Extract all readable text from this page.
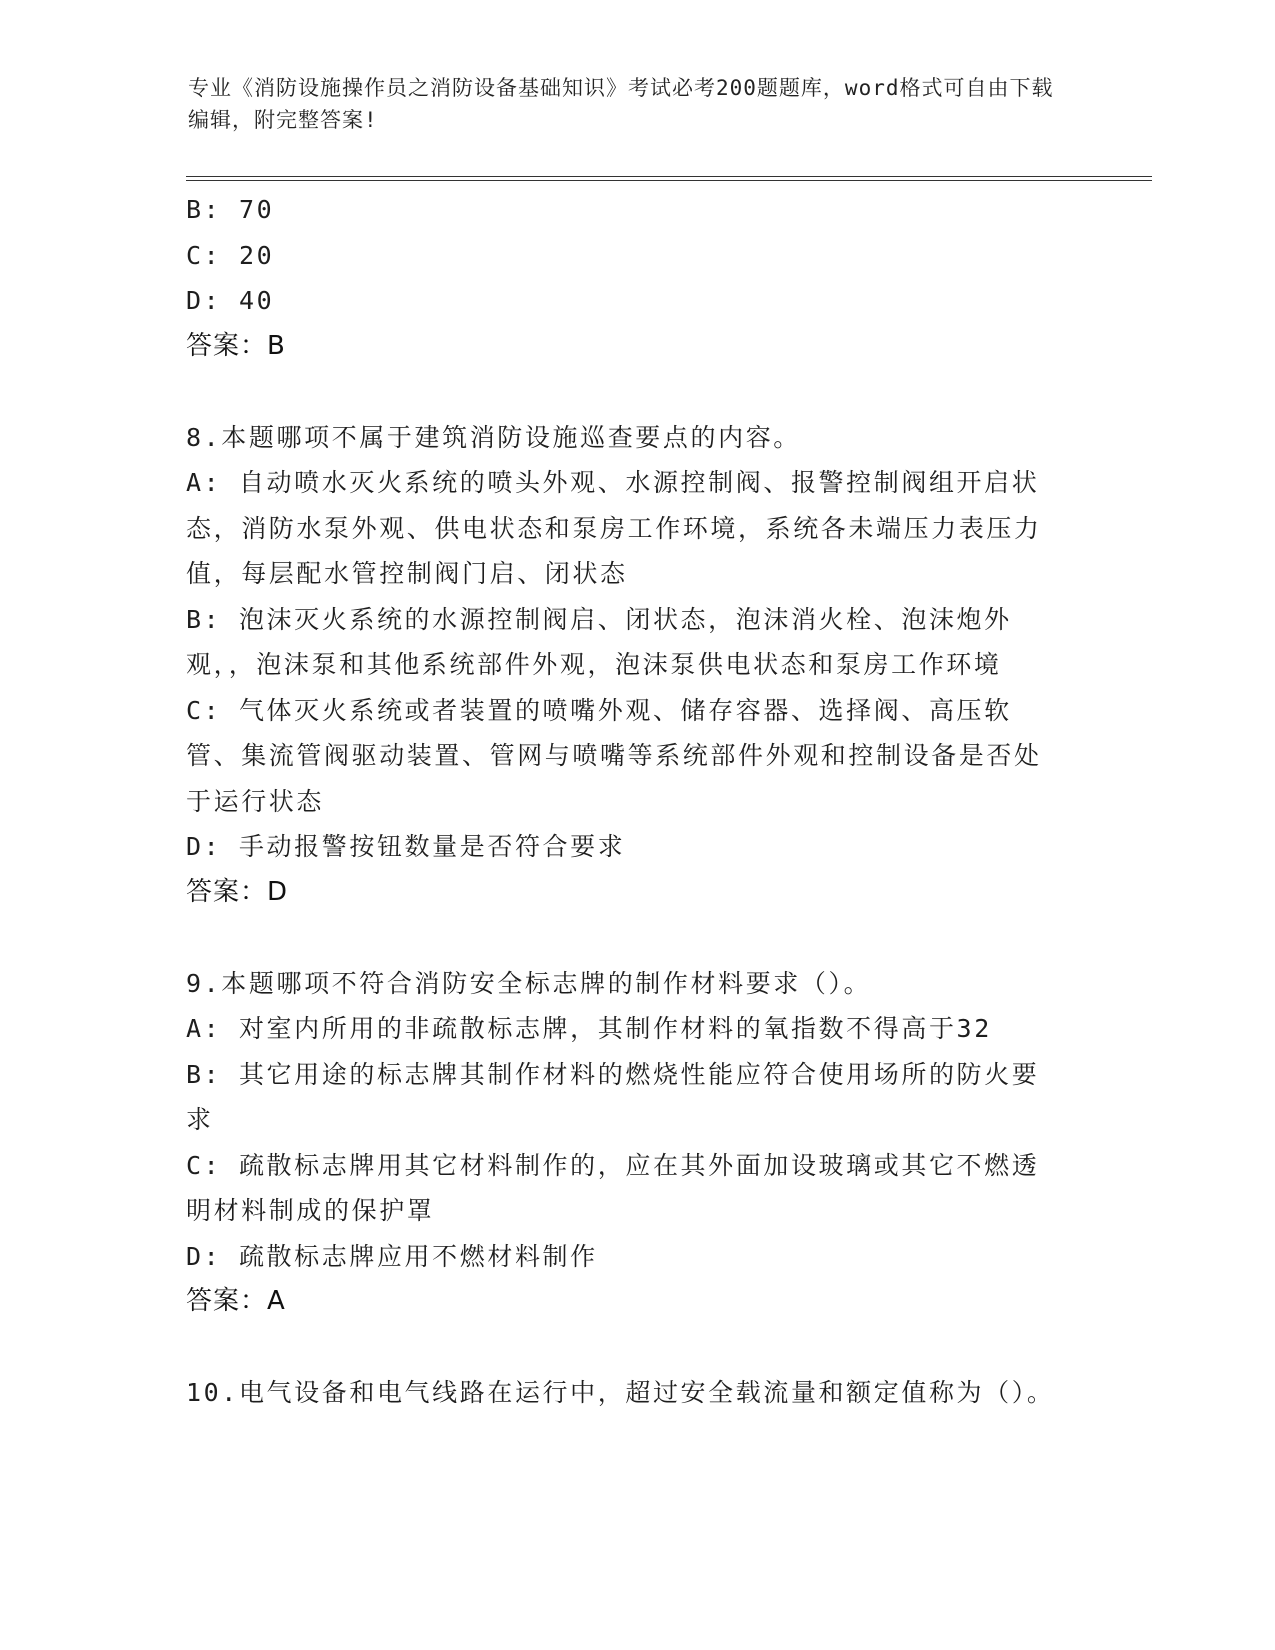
专业《消防设施操作员之消防设备基础知识》考试必考200题题库，word格式可自由下载编辑，附完整答案!

B: 70

C: 20

D: 40

答案：B

8.本题哪项不属于建筑消防设施巡查要点的内容。

A: 自动喷水灭火系统的喷头外观、水源控制阀、报警控制阀组开启状态，消防水泵外观、供电状态和泵房工作环境，系统各未端压力表压力值，每层配水管控制阀门启、闭状态

B: 泡沫灭火系统的水源控制阀启、闭状态，泡沫消火栓、泡沫炮外观，，泡沫泵和其他系统部件外观，泡沫泵供电状态和泵房工作环境

C: 气体灭火系统或者装置的喷嘴外观、储存容器、选择阀、高压软管、集流管阀驱动装置、管网与喷嘴等系统部件外观和控制设备是否处于运行状态

D: 手动报警按钮数量是否符合要求

答案：D

9.本题哪项不符合消防安全标志牌的制作材料要求（）。

A: 对室内所用的非疏散标志牌，其制作材料的氧指数不得高于32

B: 其它用途的标志牌其制作材料的燃烧性能应符合使用场所的防火要求

C: 疏散标志牌用其它材料制作的，应在其外面加设玻璃或其它不燃透明材料制成的保护罩

D: 疏散标志牌应用不燃材料制作

答案：A

10.电气设备和电气线路在运行中，超过安全载流量和额定值称为（）。
